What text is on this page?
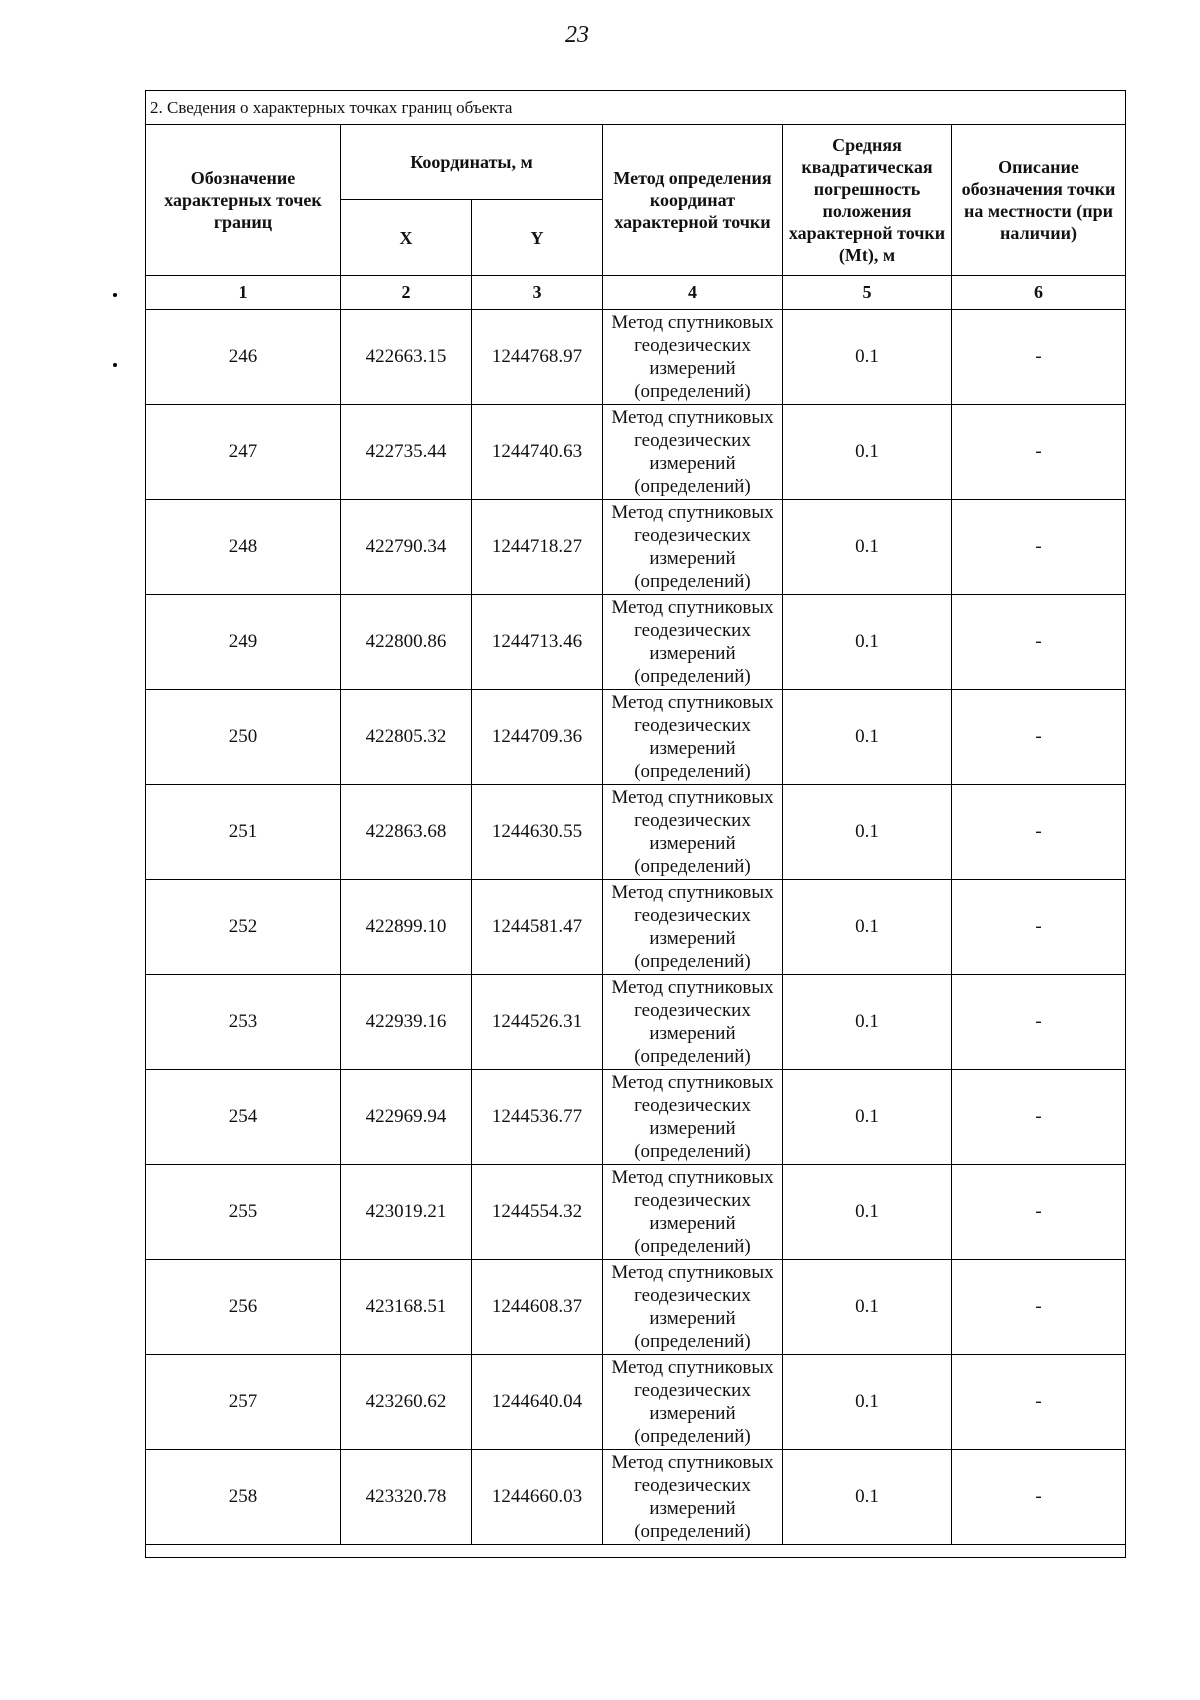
23
2. Сведения о характерных точках границ объекта					
Обозначение характерных точек границ	Координаты, м		Метод определения координат характерной точки	Средняя квадратическая погрешность положения характерной точки (Mt), м	Описание обозначения точки на местности (при наличии)
	X	Y			
1	2	3	4	5	6
246	422663.15	1244768.97	Метод спутниковых геодезических измерений (определений)	0.1	-
247	422735.44	1244740.63	Метод спутниковых геодезических измерений (определений)	0.1	-
248	422790.34	1244718.27	Метод спутниковых геодезических измерений (определений)	0.1	-
249	422800.86	1244713.46	Метод спутниковых геодезических измерений (определений)	0.1	-
250	422805.32	1244709.36	Метод спутниковых геодезических измерений (определений)	0.1	-
251	422863.68	1244630.55	Метод спутниковых геодезических измерений (определений)	0.1	-
252	422899.10	1244581.47	Метод спутниковых геодезических измерений (определений)	0.1	-
253	422939.16	1244526.31	Метод спутниковых геодезических измерений (определений)	0.1	-
254	422969.94	1244536.77	Метод спутниковых геодезических измерений (определений)	0.1	-
255	423019.21	1244554.32	Метод спутниковых геодезических измерений (определений)	0.1	-
256	423168.51	1244608.37	Метод спутниковых геодезических измерений (определений)	0.1	-
257	423260.62	1244640.04	Метод спутниковых геодезических измерений (определений)	0.1	-
258	423320.78	1244660.03	Метод спутниковых геодезических измерений (определений)	0.1	-
